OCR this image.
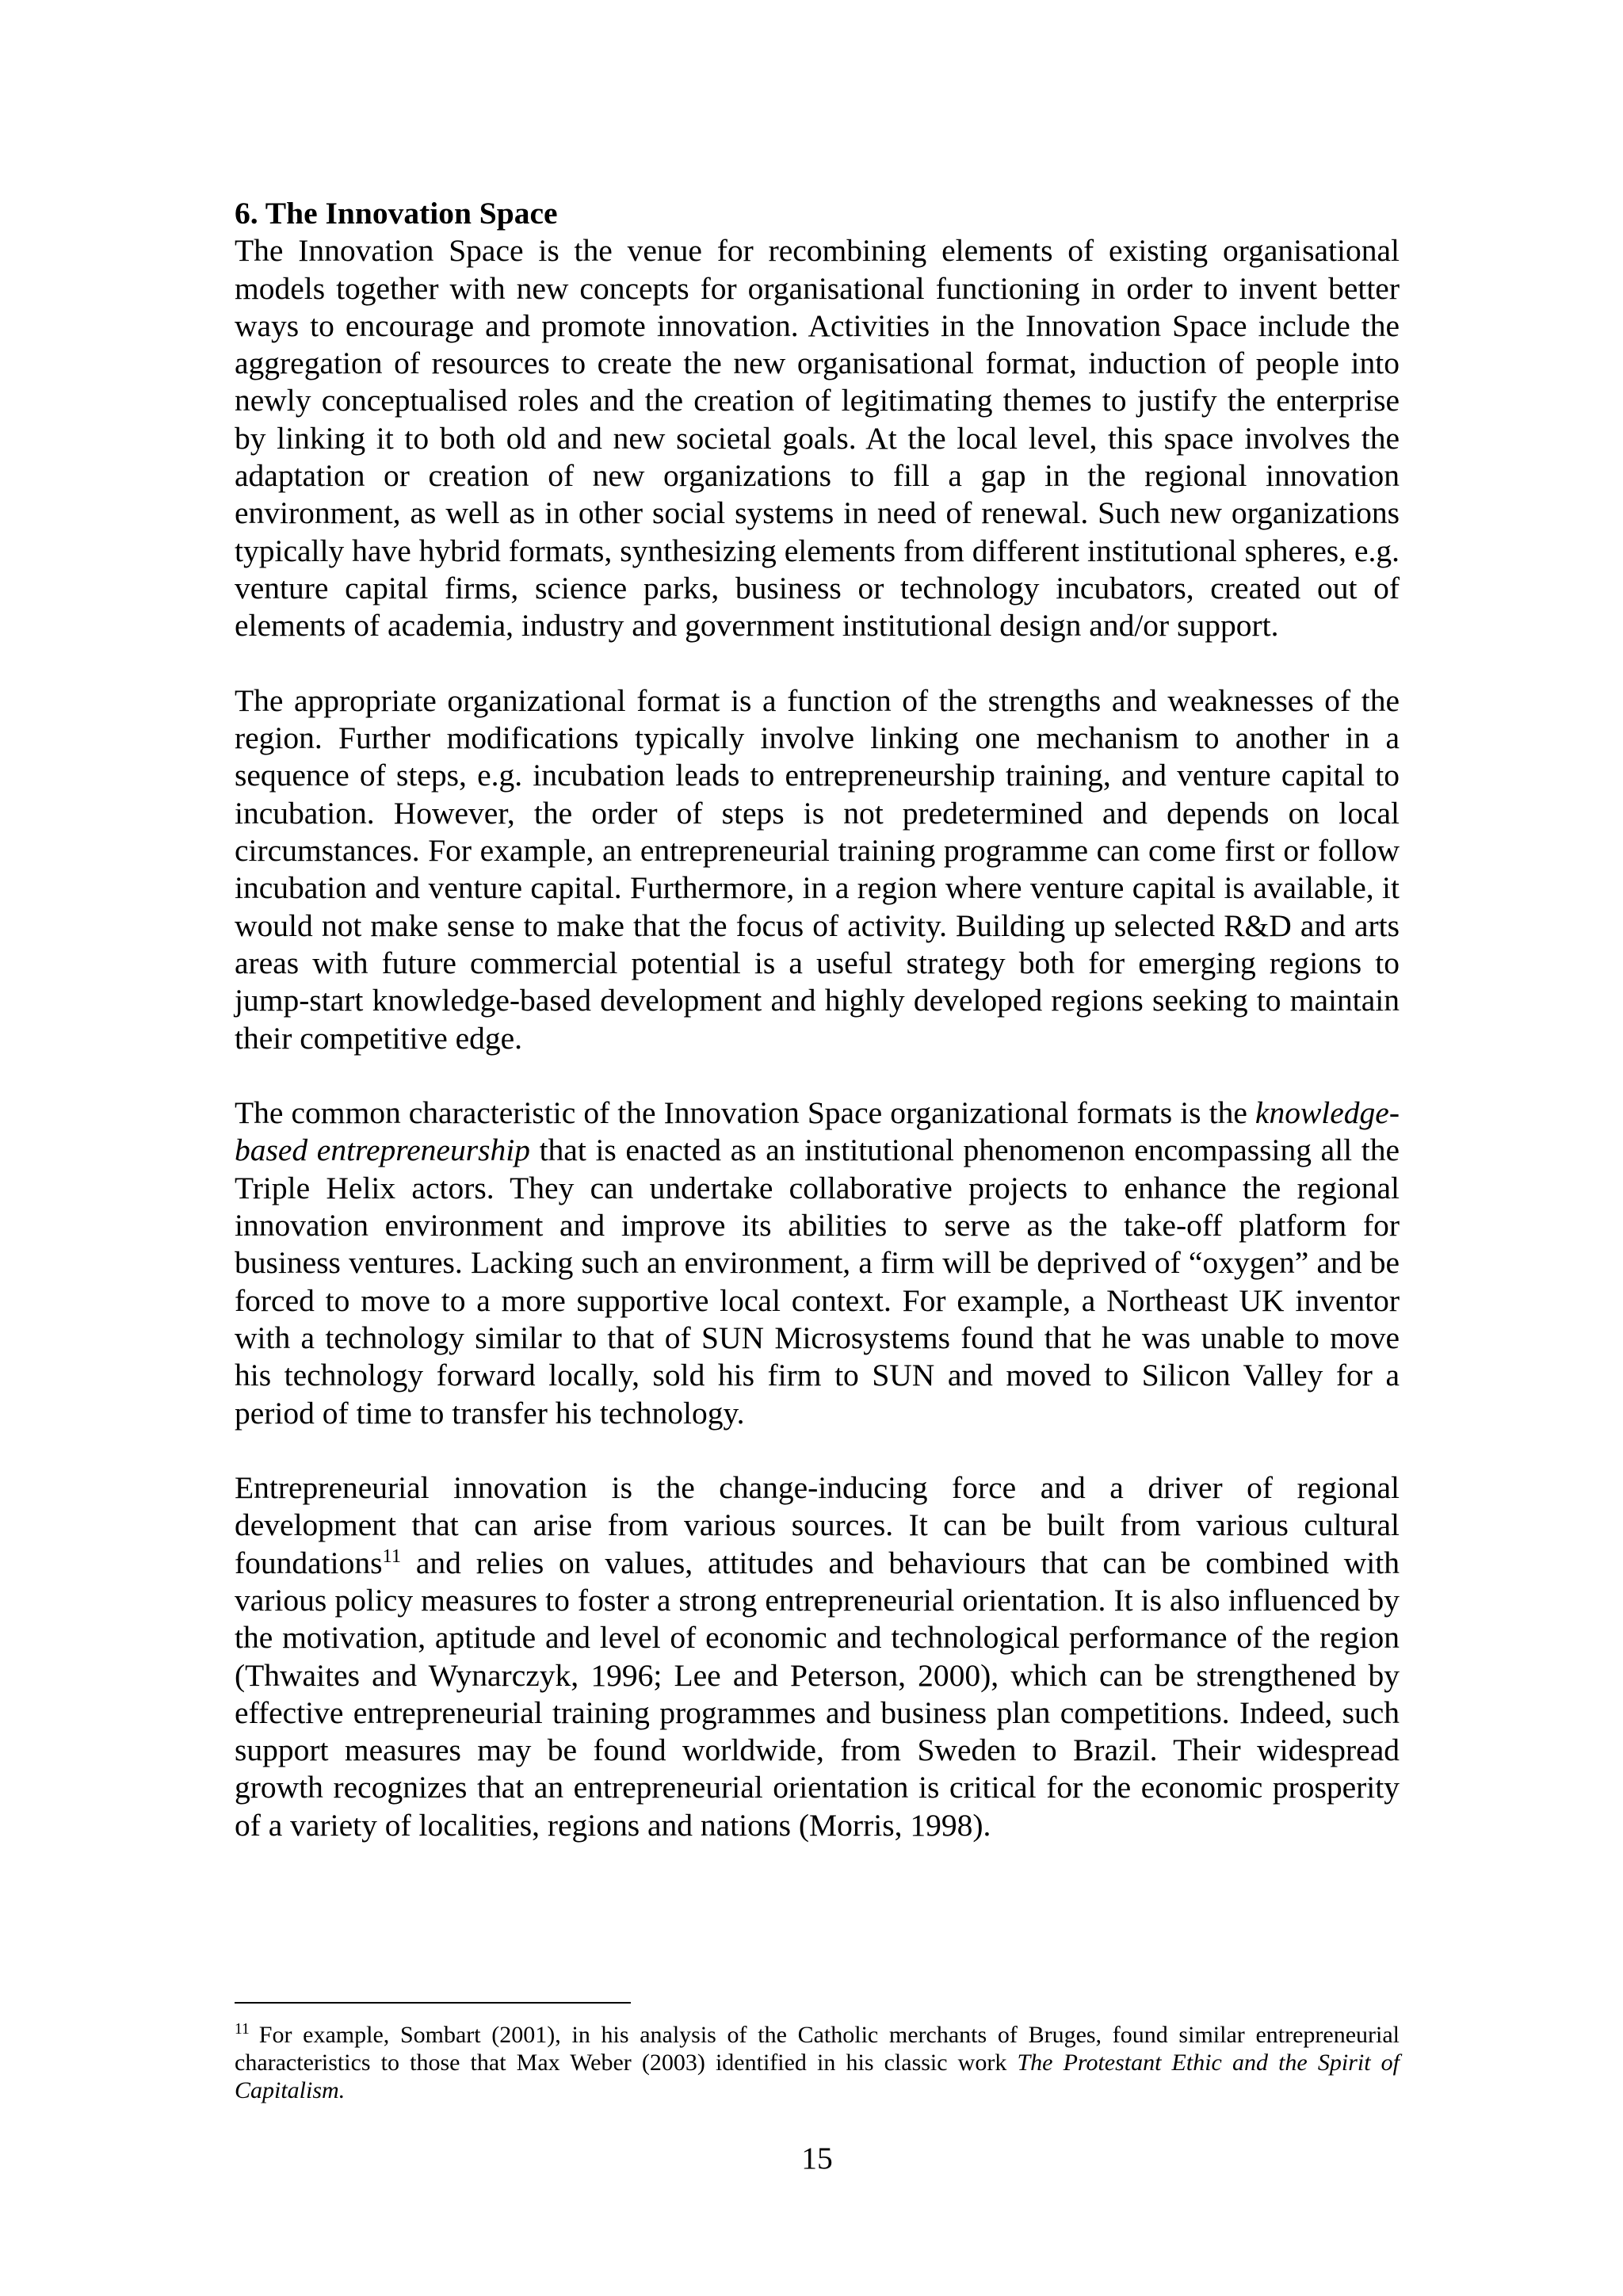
6. The Innovation Space

The Innovation Space is the venue for recombining elements of existing organisational models together with new concepts for organisational functioning in order to invent better ways to encourage and promote innovation. Activities in the Innovation Space include the aggregation of resources to create the new organisational format, induction of people into newly conceptualised roles and the creation of legitimating themes to justify the enterprise by linking it to both old and new societal goals. At the local level, this space involves the adaptation or creation of new organizations to fill a gap in the regional innovation environment, as well as in other social systems in need of renewal. Such new organizations typically have hybrid formats, synthesizing elements from different institutional spheres, e.g. venture capital firms, science parks, business or technology incubators, created out of elements of academia, industry and government institutional design and/or support.

The appropriate organizational format is a function of the strengths and weaknesses of the region. Further modifications typically involve linking one mechanism to another in a sequence of steps, e.g. incubation leads to entrepreneurship training, and venture capital to incubation. However, the order of steps is not predetermined and depends on local circumstances. For example, an entrepreneurial training programme can come first or follow incubation and venture capital. Furthermore, in a region where venture capital is available, it would not make sense to make that the focus of activity. Building up selected R&D and arts areas with future commercial potential is a useful strategy both for emerging regions to jump-start knowledge-based development and highly developed regions seeking to maintain their competitive edge.

The common characteristic of the Innovation Space organizational formats is the knowledge-based entrepreneurship that is enacted as an institutional phenomenon encompassing all the Triple Helix actors. They can undertake collaborative projects to enhance the regional innovation environment and improve its abilities to serve as the take-off platform for business ventures. Lacking such an environment, a firm will be deprived of “oxygen” and be forced to move to a more supportive local context. For example, a Northeast UK inventor with a technology similar to that of SUN Microsystems found that he was unable to move his technology forward locally, sold his firm to SUN and moved to Silicon Valley for a period of time to transfer his technology.

Entrepreneurial innovation is the change-inducing force and a driver of regional development that can arise from various sources. It can be built from various cultural foundations$^{11}$ and relies on values, attitudes and behaviours that can be combined with various policy measures to foster a strong entrepreneurial orientation. It is also influenced by the motivation, aptitude and level of economic and technological performance of the region (Thwaites and Wynarczyk, 1996; Lee and Peterson, 2000), which can be strengthened by effective entrepreneurial training programmes and business plan competitions. Indeed, such support measures may be found worldwide, from Sweden to Brazil. Their widespread growth recognizes that an entrepreneurial orientation is critical for the economic prosperity of a variety of localities, regions and nations (Morris, 1998).

$^{11}$ For example, Sombart (2001), in his analysis of the Catholic merchants of Bruges, found similar entrepreneurial characteristics to those that Max Weber (2003) identified in his classic work The Protestant Ethic and the Spirit of Capitalism.

15
